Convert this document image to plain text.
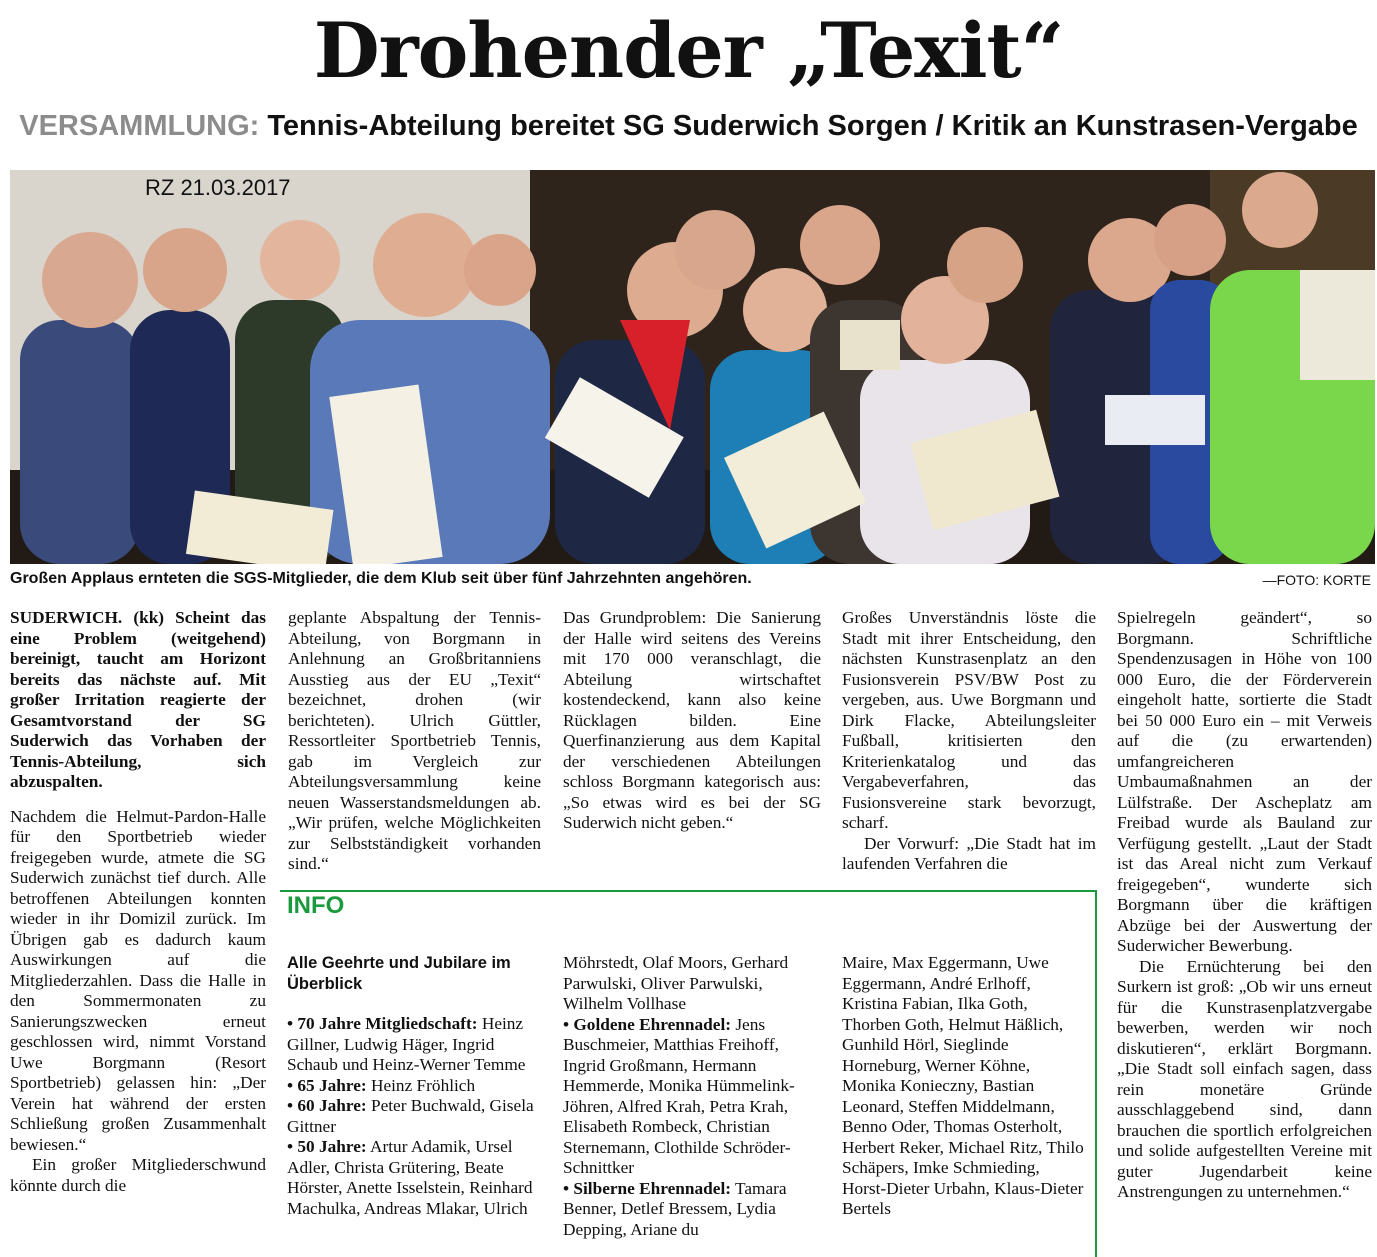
Drohender „Texit“
VERSAMMLUNG: Tennis-Abteilung bereitet SG Suderwich Sorgen / Kritik an Kunstrasen-Vergabe
RZ 21.03.2017
Großen Applaus ernteten die SGS-Mitglieder, die dem Klub seit über fünf Jahrzehnten angehören.	—FOTO: KORTE

SUDERWICH. (kk) Scheint das eine Problem (weitgehend) bereinigt, taucht am Horizont bereits das nächste auf. Mit großer Irritation reagierte der Gesamtvorstand der SG Suderwich das Vorhaben der Tennis-Abteilung, sich abzuspalten.

Nachdem die Helmut-Pardon-Halle für den Sportbetrieb wieder freigegeben wurde, atmete die SG Suderwich zunächst tief durch. Alle betroffenen Abteilungen konnten wieder in ihr Domizil zurück. Im Übrigen gab es dadurch kaum Auswirkungen auf die Mitgliederzahlen. Dass die Halle in den Sommermonaten zu Sanierungszwecken erneut geschlossen wird, nimmt Vorstand Uwe Borgmann (Resort Sportbetrieb) gelassen hin: „Der Verein hat während der ersten Schließung großen Zusammenhalt bewiesen.“

Ein großer Mitgliederschwund könnte durch die

geplante Abspaltung der Tennis-Abteilung, von Borgmann in Anlehnung an Großbritanniens Ausstieg aus der EU „Texit“ bezeichnet, drohen (wir berichteten). Ulrich Güttler, Ressortleiter Sportbetrieb Tennis, gab im Vergleich zur Abteilungsversammlung keine neuen Wasserstandsmeldungen ab. „Wir prüfen, welche Möglichkeiten zur Selbstständigkeit vorhanden sind.“

Das Grundproblem: Die Sanierung der Halle wird seitens des Vereins mit 170 000 veranschlagt, die Abteilung wirtschaftet kostendeckend, kann also keine Rücklagen bilden. Eine Querfinanzierung aus dem Kapital der verschiedenen Abteilungen schloss Borgmann kategorisch aus: „So etwas wird es bei der SG Suderwich nicht geben.“

Großes Unverständnis löste die Stadt mit ihrer Entscheidung, den nächsten Kunstrasenplatz an den Fusionsverein PSV/BW Post zu vergeben, aus. Uwe Borgmann und Dirk Flacke, Abteilungsleiter Fußball, kritisierten den Kriterienkatalog und das Vergabeverfahren, das Fusionsvereine stark bevorzugt, scharf.

Der Vorwurf: „Die Stadt hat im laufenden Verfahren die

Spielregeln geändert“, so Borgmann. Schriftliche Spendenzusagen in Höhe von 100 000 Euro, die der Förderverein eingeholt hatte, sortierte die Stadt bei 50 000 Euro ein – mit Verweis auf die (zu erwartenden) umfangreicheren Umbaumaßnahmen an der Lülfstraße. Der Ascheplatz am Freibad wurde als Bauland zur Verfügung gestellt. „Laut der Stadt ist das Areal nicht zum Verkauf freigegeben“, wunderte sich Borgmann über die kräftigen Abzüge bei der Auswertung der Suderwicher Bewerbung.

Die Ernüchterung bei den Surkern ist groß: „Ob wir uns erneut für die Kunstrasenplatzvergabe bewerben, werden wir noch diskutieren“, erklärt Borgmann. „Die Stadt soll einfach sagen, dass rein monetäre Gründe ausschlaggebend sind, dann brauchen die sportlich erfolgreichen und solide aufgestellten Vereine mit guter Jugendarbeit keine Anstrengungen zu unternehmen.“

INFO

Alle Geehrte und Jubilare im Überblick

• 70 Jahre Mitgliedschaft: Heinz Gillner, Ludwig Häger, Ingrid Schaub und Heinz-Werner Temme

• 65 Jahre: Heinz Fröhlich

• 60 Jahre: Peter Buchwald, Gisela Gittner

• 50 Jahre: Artur Adamik, Ursel Adler, Christa Grütering, Beate Hörster, Anette Isselstein, Reinhard Machulka, Andreas Mlakar, Ulrich

Möhrstedt, Olaf Moors, Gerhard Parwulski, Oliver Parwulski, Wilhelm Vollhase

• Goldene Ehrennadel: Jens Buschmeier, Matthias Freihoff, Ingrid Großmann, Hermann Hemmerde, Monika Hümmelink-Jöhren, Alfred Krah, Petra Krah, Elisabeth Rombeck, Christian Sternemann, Clothilde Schröder-Schnittker

• Silberne Ehrennadel: Tamara Benner, Detlef Bressem, Lydia Depping, Ariane du

Maire, Max Eggermann, Uwe Eggermann, André Erlhoff, Kristina Fabian, Ilka Goth, Thorben Goth, Helmut Häßlich, Gunhild Hörl, Sieglinde Horneburg, Werner Köhne, Monika Konieczny, Bastian Leonard, Steffen Middelmann, Benno Oder, Thomas Osterholt, Herbert Reker, Michael Ritz, Thilo Schäpers, Imke Schmieding, Horst-Dieter Urbahn, Klaus-Dieter Bertels
